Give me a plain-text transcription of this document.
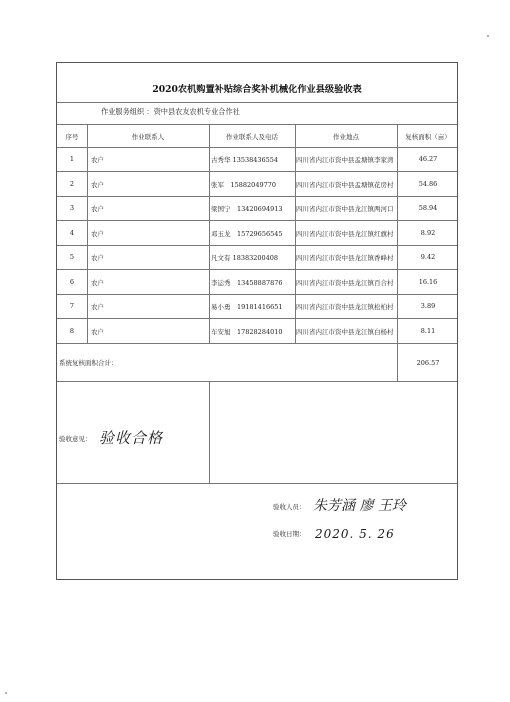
2020农机购置补贴综合奖补机械化作业县级验收表
作业服务组织 ：资中县农友农机专业合作社
序号	作业联系人	作业联系人及电话	作业地点	复核面积（亩）
1	农户	古秀华 13538436554	四川省内江市资中县孟塘镇李家湾	46.27
2	农户	张军　15882049770	四川省内江市资中县孟塘镇花房村	54.86
3	农户	梁国宁　13420694913	四川省内江市资中县龙江镇两河口	58.94
4	农户	邓玉龙　15729656545	四川省内江市资中县龙江镇红旗村	8.92
5	农户	凡文有 18383200408	四川省内江市资中县龙江镇香峰村	9.42
6	农户	李运秀　13458887876	四川省内江市资中县龙江镇百合村	16.16
7	农户	易小勇　19181416651	四川省内江市资中县龙江镇松柏村	3.89
8	农户	车安旭　17828284010	四川省内江市资中县龙江镇白杨村	8.11
系统复核面积合计：	206.57
验收意见： 验收合格
验收人员： 朱芳涵 廖 王玲
验收日期： 2020. 5. 26
